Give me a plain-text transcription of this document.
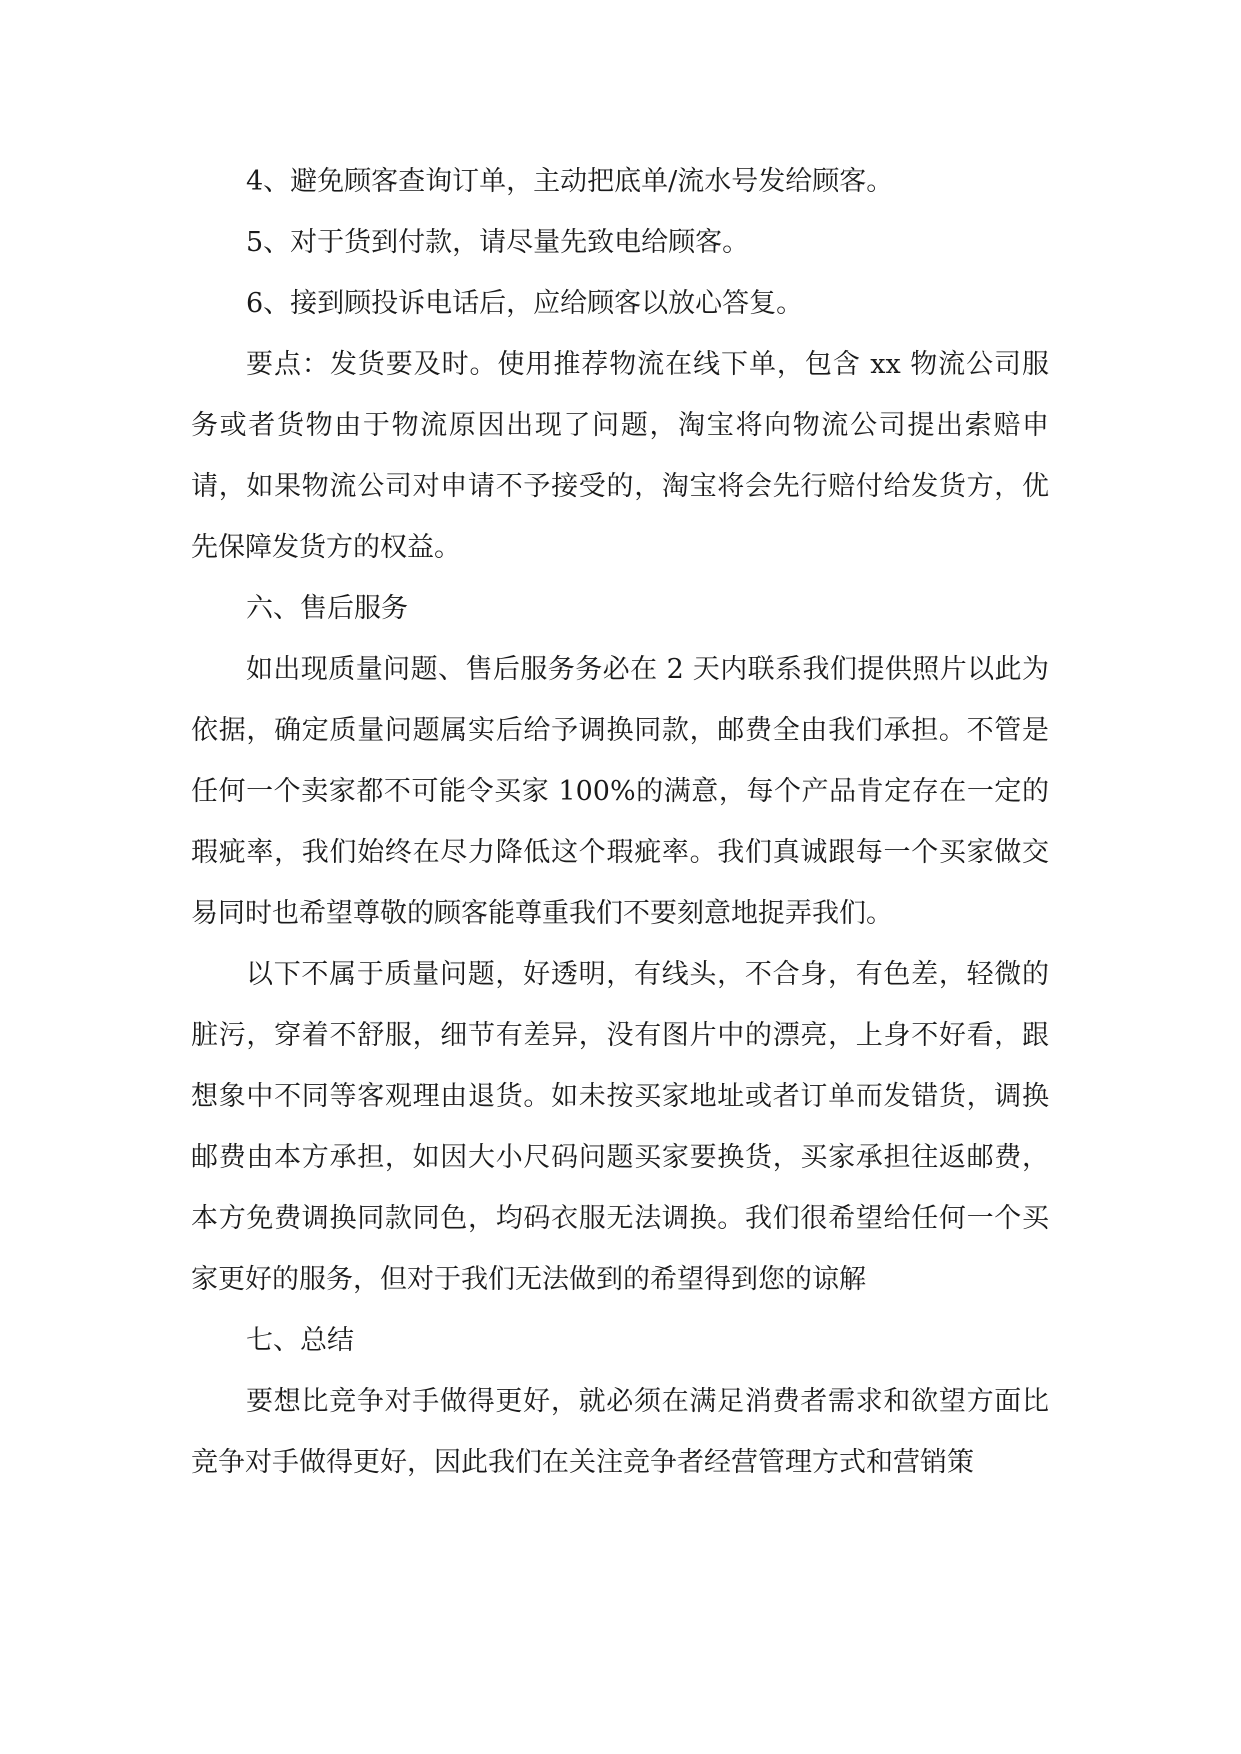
4、避免顾客查询订单，主动把底单/流水号发给顾客。

5、对于货到付款，请尽量先致电给顾客。

6、接到顾投诉电话后，应给顾客以放心答复。

要点：发货要及时。使用推荐物流在线下单，包含 xx 物流公司服务或者货物由于物流原因出现了问题，淘宝将向物流公司提出索赔申请，如果物流公司对申请不予接受的，淘宝将会先行赔付给发货方，优先保障发货方的权益。

六、售后服务

如出现质量问题、售后服务务必在 2 天内联系我们提供照片以此为依据，确定质量问题属实后给予调换同款，邮费全由我们承担。不管是任何一个卖家都不可能令买家 100%的满意，每个产品肯定存在一定的瑕疵率，我们始终在尽力降低这个瑕疵率。我们真诚跟每一个买家做交易同时也希望尊敬的顾客能尊重我们不要刻意地捉弄我们。

以下不属于质量问题，好透明，有线头，不合身，有色差，轻微的脏污，穿着不舒服，细节有差异，没有图片中的漂亮，上身不好看，跟想象中不同等客观理由退货。如未按买家地址或者订单而发错货，调换邮费由本方承担，如因大小尺码问题买家要换货，买家承担往返邮费，本方免费调换同款同色，均码衣服无法调换。我们很希望给任何一个买家更好的服务，但对于我们无法做到的希望得到您的谅解

七、总结

要想比竞争对手做得更好，就必须在满足消费者需求和欲望方面比竞争对手做得更好，因此我们在关注竞争者经营管理方式和营销策
